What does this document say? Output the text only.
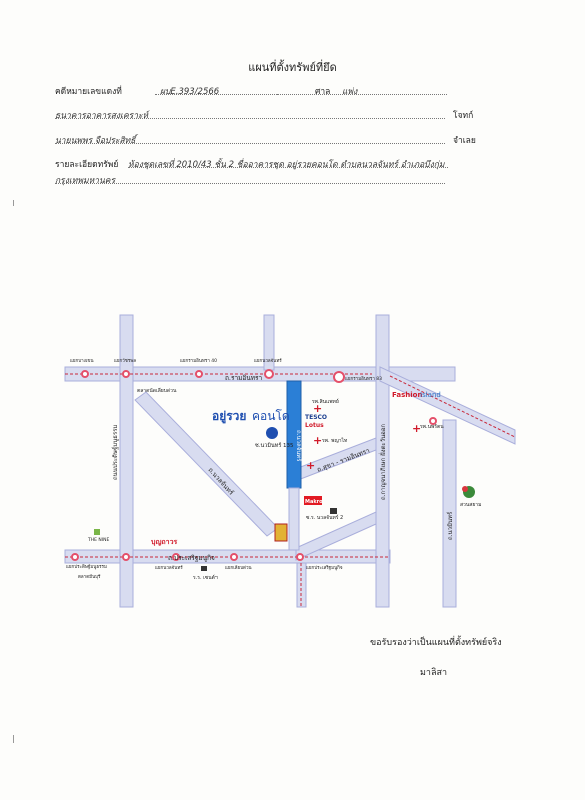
แผนที่ตั้งทรัพย์ที่ยึด
คดีหมายเลขแดงที่	ผบE.393/2566	ศาล แพ่ง
ธนาคารอาคารสงเคราะห์	โจทก์
นายนพพร จือประสิทธิ์	จำเลย
รายละเอียดทรัพย์ ห้องชุดเลขที่ 2010/43 ชั้น 2 ชื่ออาคารชุด อยู่รวยคอนโด ตำบลนวลจันทร์ อำเภอบึงกุ่ม
กรุงเทพมหานคร
+
+
+
+
ถ.รามอินทรา
ถ.นวลจันทร์
ถ.สุขา - รามอินทรา
ถ.ประเสริฐมนูกิจ
ถนนประดิษฐ์มนูธรรม	ถ.กาญจนาภิเษก ฝั่งตะวันออก
ถ.นวมินทร์
ถ.นวลจันทร์
อยู่รวย คอนโด
ซ.นวมินทร์ 135
รพ.สินแพทย์
TESCO
Lotus
รพ. พญาไท
Makro
ซ.ร. นวลจันทร์ 2
ตลาดนัดเลียบด่วน	Fashion
Island
รพ.นพรัตน
สวนสยาม
บุญถาวร
ร.ร. เซนต์ฯ
THE NINE
แยกบางเขน	แยกวัชรพล	แยกรามอินทรา 40	แยกนวลจันทร์
แยกรามอินทรา 83
แยกประดิษฐ์มนูธรรม
ตลาดมีนบุรี
แยกนวลจันทร์	แยกเลียบด่วน	แยกประเสริฐมนูกิจ
ขอรับรองว่าเป็นแผนที่ตั้งทรัพย์จริง
มาลิสา
